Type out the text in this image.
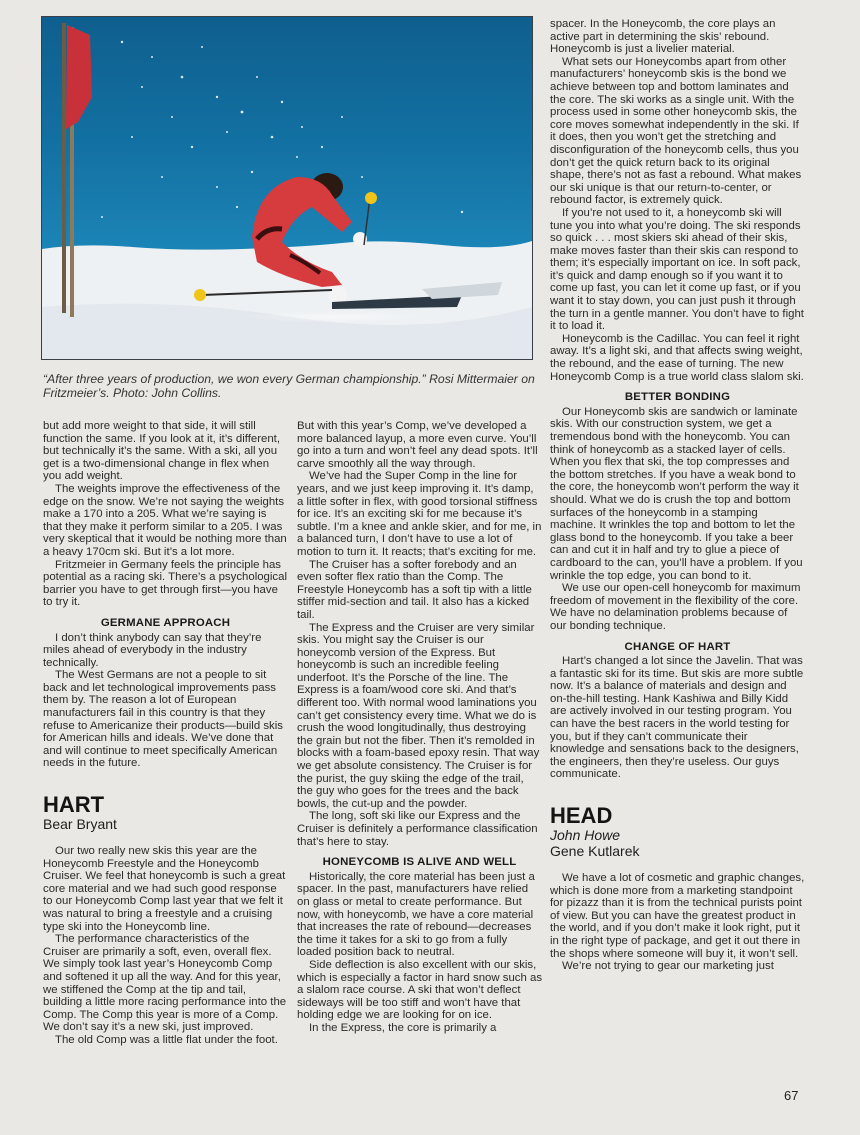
“After three years of production, we won every German championship.” Rosi Mittermaier on Fritzmeier’s. Photo: John Collins.

but add more weight to that side, it will still function the same. If you look at it, it’s different, but technically it’s the same. With a ski, all you get is a two-dimensional change in flex when you add weight.

The weights improve the effectiveness of the edge on the snow. We’re not saying the weights make a 170 into a 205. What we’re saying is that they make it perform similar to a 205. I was very skeptical that it would be nothing more than a heavy 170cm ski. But it’s a lot more.

Fritzmeier in Germany feels the principle has potential as a racing ski. There’s a psychological barrier you have to get through first—you have to try it.

GERMANE APPROACH

I don’t think anybody can say that they’re miles ahead of everybody in the industry technically.

The West Germans are not a people to sit back and let technological improvements pass them by. The reason a lot of European manufacturers fail in this country is that they refuse to Americanize their products—build skis for American hills and ideals. We’ve done that and will continue to meet specifically American needs in the future.

HART
Bear Bryant

Our two really new skis this year are the Honeycomb Freestyle and the Honeycomb Cruiser. We feel that honeycomb is such a great core material and we had such good response to our Honeycomb Comp last year that we felt it was natural to bring a freestyle and a cruising type ski into the Honeycomb line.

The performance characteristics of the Cruiser are primarily a soft, even, overall flex. We simply took last year’s Honeycomb Comp and softened it up all the way. And for this year, we stiffened the Comp at the tip and tail, building a little more racing performance into the Comp. The Comp this year is more of a Comp. We don’t say it’s a new ski, just improved.

The old Comp was a little flat under the foot.

But with this year’s Comp, we’ve developed a more balanced layup, a more even curve. You’ll go into a turn and won’t feel any dead spots. It’ll carve smoothly all the way through.

We’ve had the Super Comp in the line for years, and we just keep improving it. It’s damp, a little softer in flex, with good torsional stiffness for ice. It’s an exciting ski for me because it’s subtle. I’m a knee and ankle skier, and for me, in a balanced turn, I don’t have to use a lot of motion to turn it. It reacts; that’s exciting for me.

The Cruiser has a softer forebody and an even softer flex ratio than the Comp. The Freestyle Honeycomb has a soft tip with a little stiffer mid-section and tail. It also has a kicked tail.

The Express and the Cruiser are very similar skis. You might say the Cruiser is our honeycomb version of the Express. But honeycomb is such an incredible feeling underfoot. It’s the Porsche of the line. The Express is a foam/wood core ski. And that’s different too. With normal wood laminations you can’t get consistency every time. What we do is crush the wood longitudinally, thus destroying the grain but not the fiber. Then it’s remolded in blocks with a foam-based epoxy resin. That way we get absolute consistency. The Cruiser is for the purist, the guy skiing the edge of the trail, the guy who goes for the trees and the back bowls, the cut-up and the powder.

The long, soft ski like our Express and the Cruiser is definitely a performance classification that’s here to stay.

HONEYCOMB IS ALIVE AND WELL

Historically, the core material has been just a spacer. In the past, manufacturers have relied on glass or metal to create performance. But now, with honeycomb, we have a core material that increases the rate of rebound—decreases the time it takes for a ski to go from a fully loaded position back to neutral.

Side deflection is also excellent with our skis, which is especially a factor in hard snow such as a slalom race course. A ski that won’t deflect sideways will be too stiff and won’t have that holding edge we are looking for on ice.

In the Express, the core is primarily a

spacer. In the Honeycomb, the core plays an active part in determining the skis’ rebound. Honeycomb is just a livelier material.

What sets our Honeycombs apart from other manufacturers’ honeycomb skis is the bond we achieve between top and bottom laminates and the core. The ski works as a single unit. With the process used in some other honeycomb skis, the core moves somewhat independently in the ski. If it does, then you won’t get the stretching and disconfiguration of the honeycomb cells, thus you don’t get the quick return back to its original shape, there’s not as fast a rebound. What makes our ski unique is that our return-to-center, or rebound factor, is extremely quick.

If you’re not used to it, a honeycomb ski will tune you into what you’re doing. The ski responds so quick . . . most skiers ski ahead of their skis, make moves faster than their skis can respond to them; it’s especially important on ice. In soft pack, it’s quick and damp enough so if you want it to come up fast, you can let it come up fast, or if you want it to stay down, you can just push it through the turn in a gentle manner. You don’t have to fight it to load it.

Honeycomb is the Cadillac. You can feel it right away. It’s a light ski, and that affects swing weight, the rebound, and the ease of turning. The new Honeycomb Comp is a true world class slalom ski.

BETTER BONDING

Our Honeycomb skis are sandwich or laminate skis. With our construction system, we get a tremendous bond with the honeycomb. You can think of honeycomb as a stacked layer of cells. When you flex that ski, the top compresses and the bottom stretches. If you have a weak bond to the core, the honeycomb won’t perform the way it should. What we do is crush the top and bottom surfaces of the honeycomb in a stamping machine. It wrinkles the top and bottom to let the glass bond to the honeycomb. If you take a beer can and cut it in half and try to glue a piece of cardboard to the can, you’ll have a problem. If you wrinkle the top edge, you can bond to it.

We use our open-cell honeycomb for maximum freedom of movement in the flexibility of the core. We have no delamination problems because of our bonding technique.

CHANGE OF HART

Hart’s changed a lot since the Javelin. That was a fantastic ski for its time. But skis are more subtle now. It’s a balance of materials and design and on-the-hill testing. Hank Kashiwa and Billy Kidd are actively involved in our testing program. You can have the best racers in the world testing for you, but if they can’t communicate their knowledge and sensations back to the designers, the engineers, then they’re useless. Our guys communicate.

HEAD
John Howe
Gene Kutlarek

We have a lot of cosmetic and graphic changes, which is done more from a marketing standpoint for pizazz than it is from the technical purists point of view. But you can have the greatest product in the world, and if you don’t make it look right, put it in the right type of package, and get it out there in the shops where someone will buy it, it won’t sell.

We’re not trying to gear our marketing just

67
